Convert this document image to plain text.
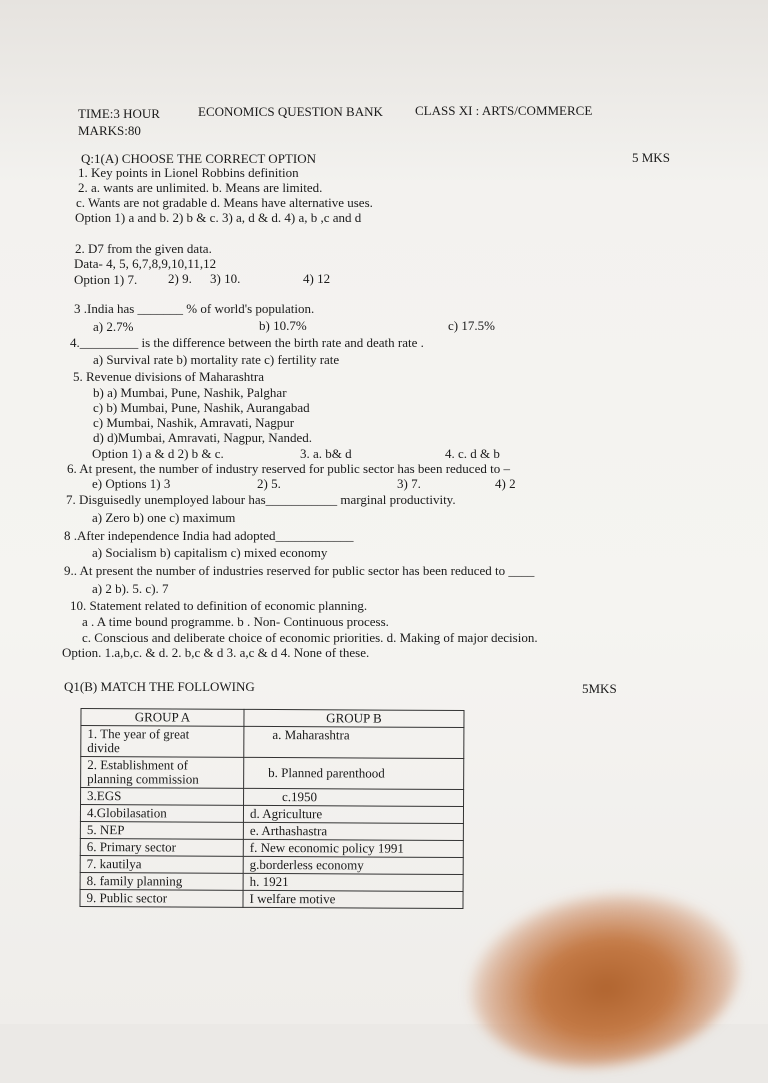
TIME:3 HOUR	ECONOMICS QUESTION BANK CLASS XI : ARTS/COMMERCE
MARKS:80
Q:1(A) CHOOSE THE CORRECT OPTION	5 MKS
1. Key points in Lionel Robbins definition
2. a. wants are unlimited. b. Means are limited.
c. Wants are not gradable d. Means have alternative uses.
Option 1) a and b. 2) b & c. 3) a, d & d. 4) a, b ,c and d
2. D7 from the given data.
Data- 4, 5, 6,7,8,9,10,11,12
Option 1) 7. 2) 9. 3) 10.	4) 12
3 .India has _______ % of world's population.
a) 2.7%	b) 10.7%	c) 17.5%
4._________ is the difference between the birth rate and death rate .
a) Survival rate b) mortality rate c) fertility rate
5. Revenue divisions of Maharashtra
b) a) Mumbai, Pune, Nashik, Palghar
c) b) Mumbai, Pune, Nashik, Aurangabad
c) Mumbai, Nashik, Amravati, Nagpur
d) d)Mumbai, Amravati, Nagpur, Nanded.
Option 1) a & d 2) b & c.	3. a. b& d	4. c. d & b
6. At present, the number of industry reserved for public sector has been reduced to –
e) Options 1) 3	2) 5.	3) 7.	4) 2
7. Disguisedly unemployed labour has___________ marginal productivity.
a) Zero b) one c) maximum
8 .After independence India had adopted____________
a) Socialism b) capitalism c) mixed economy
9.. At present the number of industries reserved for public sector has been reduced to ____
a) 2 b). 5. c). 7
10. Statement related to definition of economic planning.
a . A time bound programme. b . Non- Continuous process.
c. Conscious and deliberate choice of economic priorities. d. Making of major decision.
Option. 1.a,b,c. & d. 2. b,c & d 3. a,c & d 4. None of these.
Q1(B) MATCH THE FOLLOWING	5MKS
GROUP A	GROUP B
1. The year of great
divide	a. Maharashtra
2. Establishment of
planning commission	b. Planned parenthood
3.EGS	c.1950
4.Globilasation	d. Agriculture
5. NEP	e. Arthashastra
6. Primary sector	f. New economic policy 1991
7. kautilya	g.borderless economy
8. family planning	h. 1921
9. Public sector	I welfare motive
